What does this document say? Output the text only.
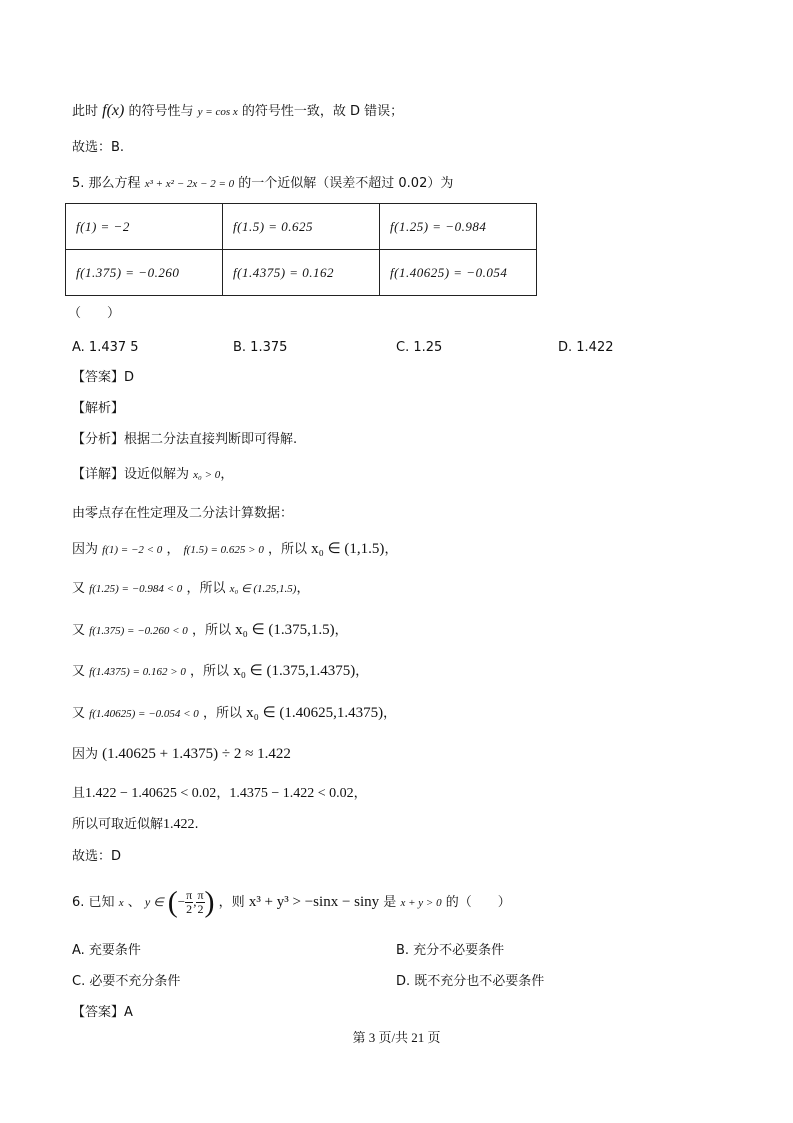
此时 f(x) 的符号性与 y = cos x 的符号性一致，故 D 错误；
故选：B.
5. 那么方程 x³ + x² − 2x − 2 = 0 的一个近似解（误差不超过 0.02）为
f(1) = −2	f(1.5) = 0.625	f(1.25) = −0.984
f(1.375) = −0.260	f(1.4375) = 0.162	f(1.40625) = −0.054
（　　）
A. 1.437 5	B. 1.375	C. 1.25	D. 1.422
【答案】D
【解析】
【分析】根据二分法直接判断即可得解.
【详解】设近似解为 x₀ > 0，
由零点存在性定理及二分法计算数据：
因为 f(1) = −2 < 0 ， f(1.5) = 0.625 > 0 ，所以 x₀ ∈ (1,1.5)，
又 f(1.25) = −0.984 < 0 ，所以 x₀ ∈ (1.25,1.5)，
又 f(1.375) = −0.260 < 0 ，所以 x₀ ∈ (1.375,1.5)，
又 f(1.4375) = 0.162 > 0 ，所以 x₀ ∈ (1.375,1.4375)，
又 f(1.40625) = −0.054 < 0 ，所以 x₀ ∈ (1.40625,1.4375)，
因为 (1.40625 + 1.4375) ÷ 2 ≈ 1.422
且1.422 − 1.40625 < 0.02，1.4375 − 1.422 < 0.02，
所以可取近似解1.422.
故选：D
6. 已知 x 、 y ∈ (− $\frac{\pi}{2}$ , $\frac{\pi}{2}$ ) ，则 x³ + y³ > −sinx − siny 是 x + y > 0 的（　　）
A. 充要条件	B. 充分不必要条件
C. 必要不充分条件	D. 既不充分也不必要条件
【答案】A
第 3 页/共 21 页
